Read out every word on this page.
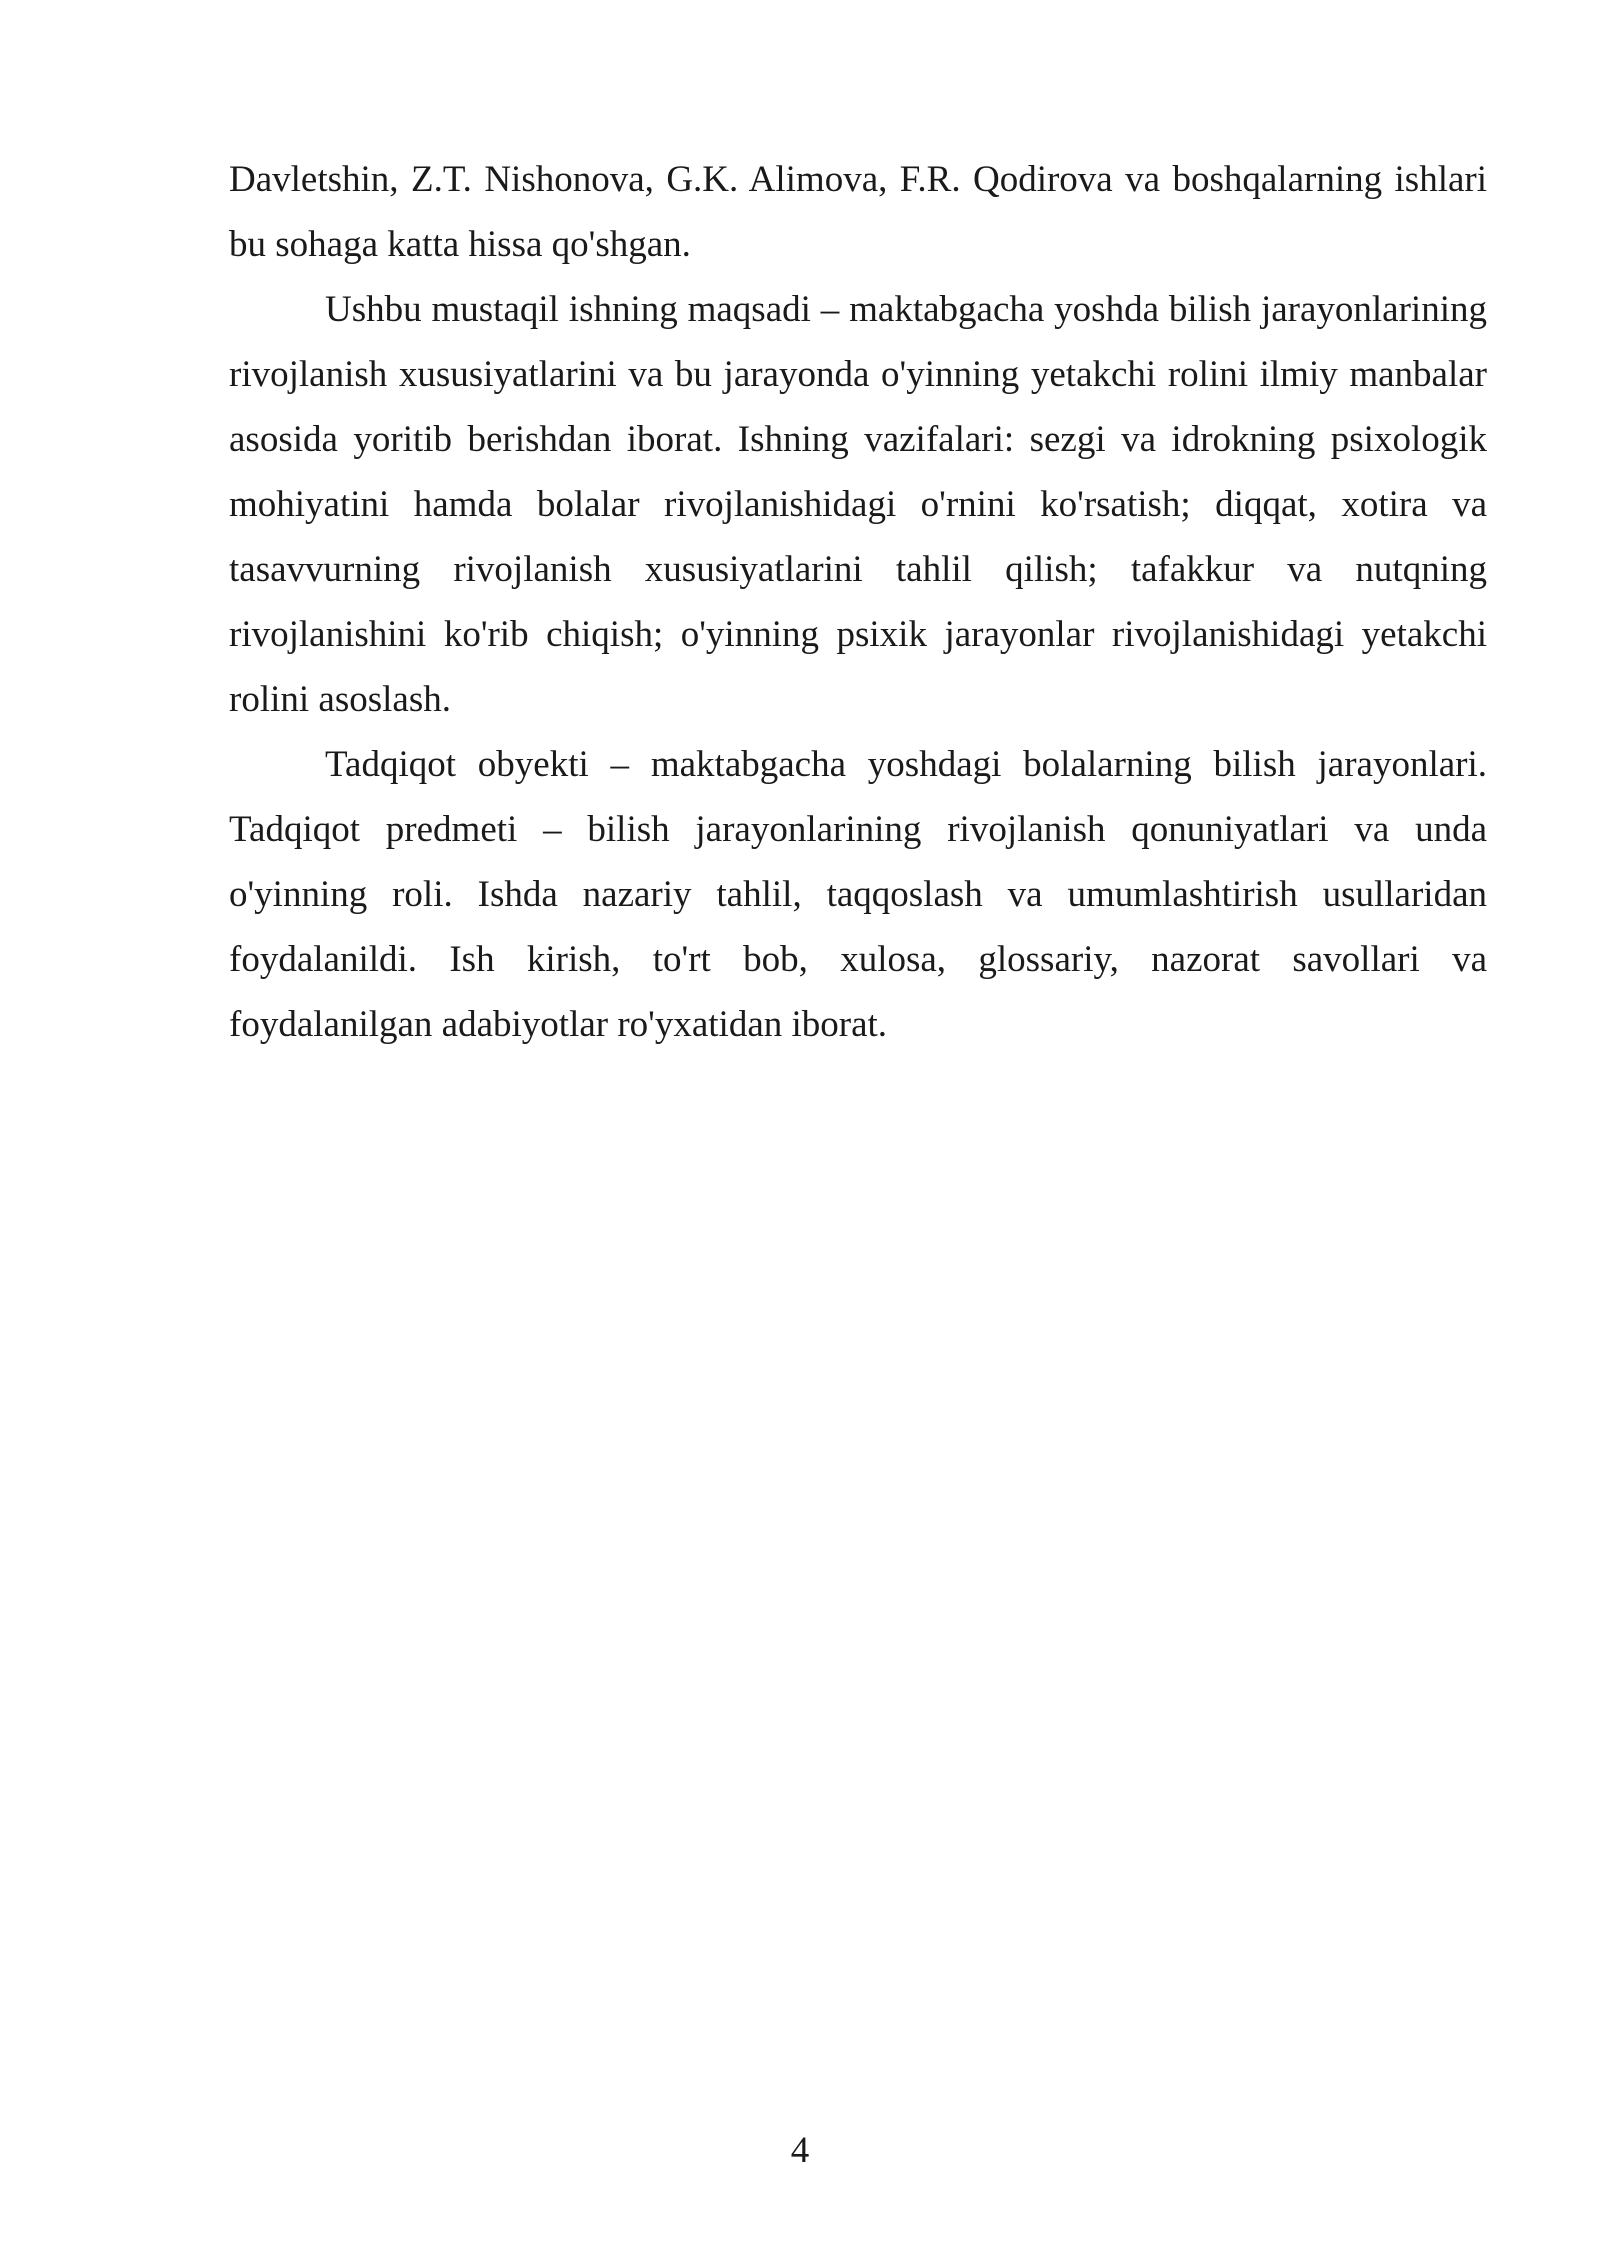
Davletshin, Z.T. Nishonova, G.K. Alimova, F.R. Qodirova va boshqalarning ishlari bu sohaga katta hissa qo'shgan.

Ushbu mustaqil ishning maqsadi – maktabgacha yoshda bilish jarayonlarining rivojlanish xususiyatlarini va bu jarayonda o'yinning yetakchi rolini ilmiy manbalar asosida yoritib berishdan iborat. Ishning vazifalari: sezgi va idrokning psixologik mohiyatini hamda bolalar rivojlanishidagi o'rnini ko'rsatish; diqqat, xotira va tasavvurning rivojlanish xususiyatlarini tahlil qilish; tafakkur va nutqning rivojlanishini ko'rib chiqish; o'yinning psixik jarayonlar rivojlanishidagi yetakchi rolini asoslash.

Tadqiqot obyekti – maktabgacha yoshdagi bolalarning bilish jarayonlari. Tadqiqot predmeti – bilish jarayonlarining rivojlanish qonuniyatlari va unda o'yinning roli. Ishda nazariy tahlil, taqqoslash va umumlashtirish usullaridan foydalanildi. Ish kirish, to'rt bob, xulosa, glossariy, nazorat savollari va foydalanilgan adabiyotlar ro'yxatidan iborat.

4
